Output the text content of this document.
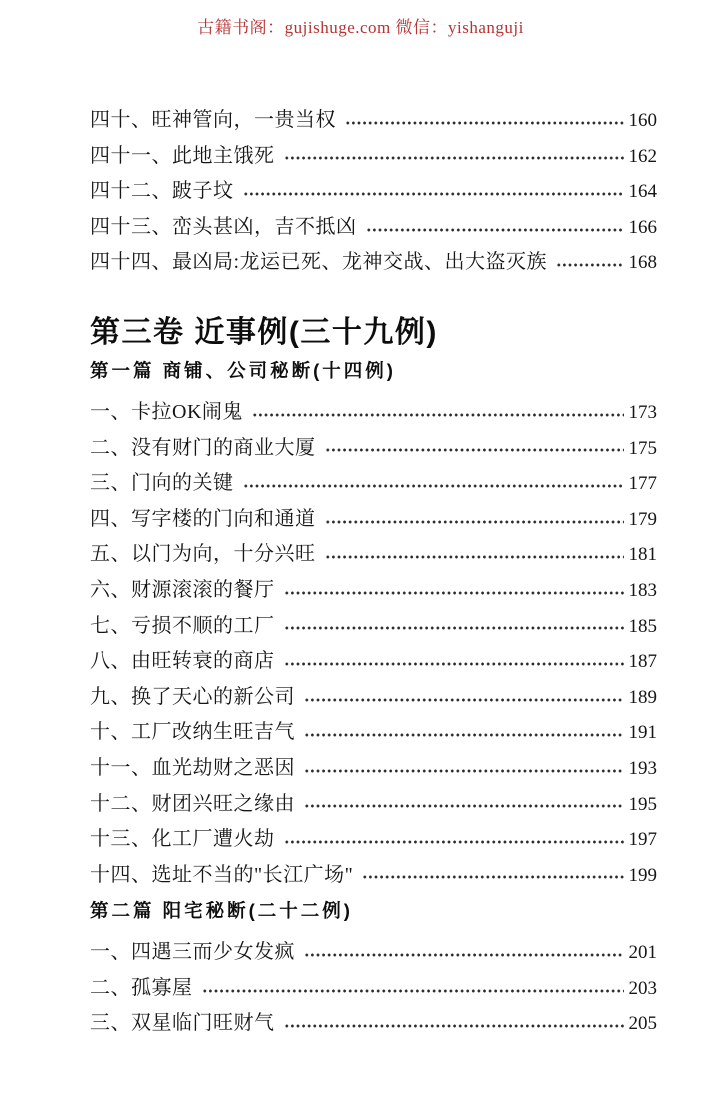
古籍书阁：gujishuge.com 微信：yishanguji
四十、旺神管向，一贵当权	160
四十一、此地主饿死	162
四十二、跛子坟	164
四十三、峦头甚凶，吉不抵凶	166
四十四、最凶局:龙运已死、龙神交战、出大盗灭族	168
第三卷 近事例(三十九例)
第一篇 商铺、公司秘断(十四例)
一、卡拉OK闹鬼	173
二、没有财门的商业大厦	175
三、门向的关键	177
四、写字楼的门向和通道	179
五、以门为向，十分兴旺	181
六、财源滚滚的餐厅	183
七、亏损不顺的工厂	185
八、由旺转衰的商店	187
九、换了天心的新公司	189
十、工厂改纳生旺吉气	191
十一、血光劫财之恶因	193
十二、财团兴旺之缘由	195
十三、化工厂遭火劫	197
十四、选址不当的"长江广场"	199
第二篇 阳宅秘断(二十二例)
一、四遇三而少女发疯	201
二、孤寡屋	203
三、双星临门旺财气	205
